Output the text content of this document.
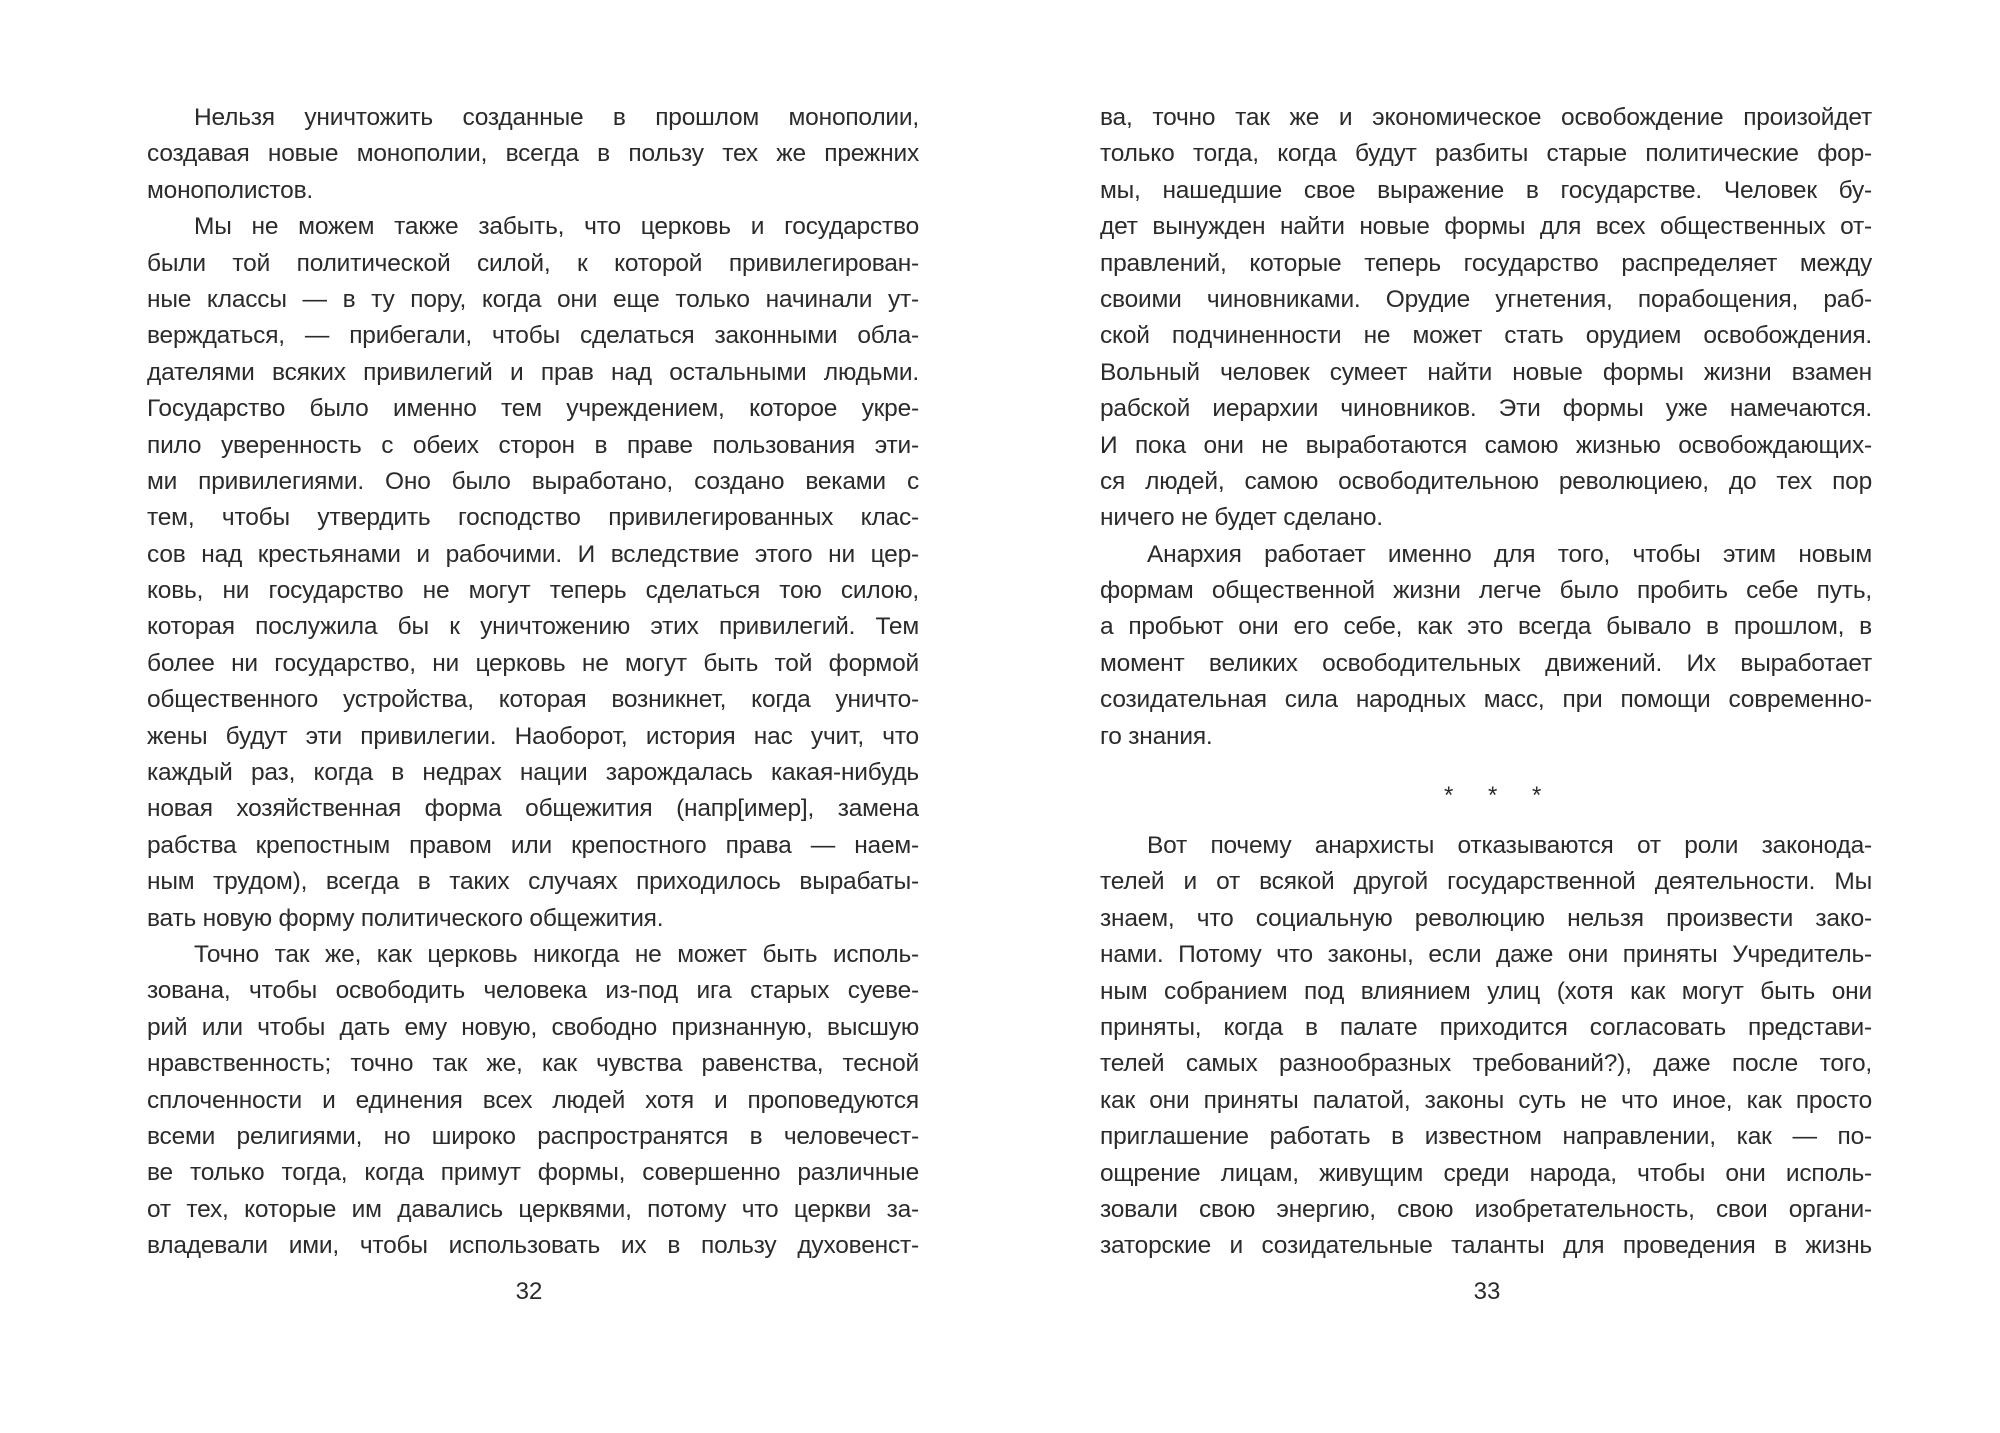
Нельзя уничтожить созданные в прошлом монополии,
создавая новые монополии, всегда в пользу тех же прежних
монополистов.
Мы не можем также забыть, что церковь и государство
были той политической силой, к которой привилегирован-
ные классы — в ту пору, когда они еще только начинали ут-
верждаться, — прибегали, чтобы сделаться законными обла-
дателями всяких привилегий и прав над остальными людьми.
Государство было именно тем учреждением, которое укре-
пило уверенность с обеих сторон в праве пользования эти-
ми привилегиями. Оно было выработано, создано веками с
тем, чтобы утвердить господство привилегированных клас-
сов над крестьянами и рабочими. И вследствие этого ни цер-
ковь, ни государство не могут теперь сделаться тою силою,
которая послужила бы к уничтожению этих привилегий. Тем
более ни государство, ни церковь не могут быть той формой
общественного устройства, которая возникнет, когда уничто-
жены будут эти привилегии. Наоборот, история нас учит, что
каждый раз, когда в недрах нации зарождалась какая-нибудь
новая хозяйственная форма общежития (напр[имер], замена
рабства крепостным правом или крепостного права — наем-
ным трудом), всегда в таких случаях приходилось вырабаты-
вать новую форму политического общежития.
Точно так же, как церковь никогда не может быть исполь-
зована, чтобы освободить человека из-под ига старых суеве-
рий или чтобы дать ему новую, свободно признанную, высшую
нравственность; точно так же, как чувства равенства, тесной
сплоченности и единения всех людей хотя и проповедуются
всеми религиями, но широко распространятся в человечест-
ве только тогда, когда примут формы, совершенно различные
от тех, которые им давались церквями, потому что церкви за-
владевали ими, чтобы использовать их в пользу духовенст-
32
ва, точно так же и экономическое освобождение произойдет
только тогда, когда будут разбиты старые политические фор-
мы, нашедшие свое выражение в государстве. Человек бу-
дет вынужден найти новые формы для всех общественных от-
правлений, которые теперь государство распределяет между
своими чиновниками. Орудие угнетения, порабощения, раб-
ской подчиненности не может стать орудием освобождения.
Вольный человек сумеет найти новые формы жизни взамен
рабской иерархии чиновников. Эти формы уже намечаются.
И пока они не выработаются самою жизнью освобождающих-
ся людей, самою освободительною революциею, до тех пор
ничего не будет сделано.
Анархия работает именно для того, чтобы этим новым
формам общественной жизни легче было пробить себе путь,
а пробьют они его себе, как это всегда бывало в прошлом, в
момент великих освободительных движений. Их выработает
созидательная сила народных масс, при помощи современно-
го знания.
* * *
Вот почему анархисты отказываются от роли законода-
телей и от всякой другой государственной деятельности. Мы
знаем, что социальную революцию нельзя произвести зако-
нами. Потому что законы, если даже они приняты Учредитель-
ным собранием под влиянием улиц (хотя как могут быть они
приняты, когда в палате приходится согласовать представи-
телей самых разнообразных требований?), даже после того,
как они приняты палатой, законы суть не что иное, как просто
приглашение работать в известном направлении, как — по-
ощрение лицам, живущим среди народа, чтобы они исполь-
зовали свою энергию, свою изобретательность, свои органи-
заторские и созидательные таланты для проведения в жизнь
33
